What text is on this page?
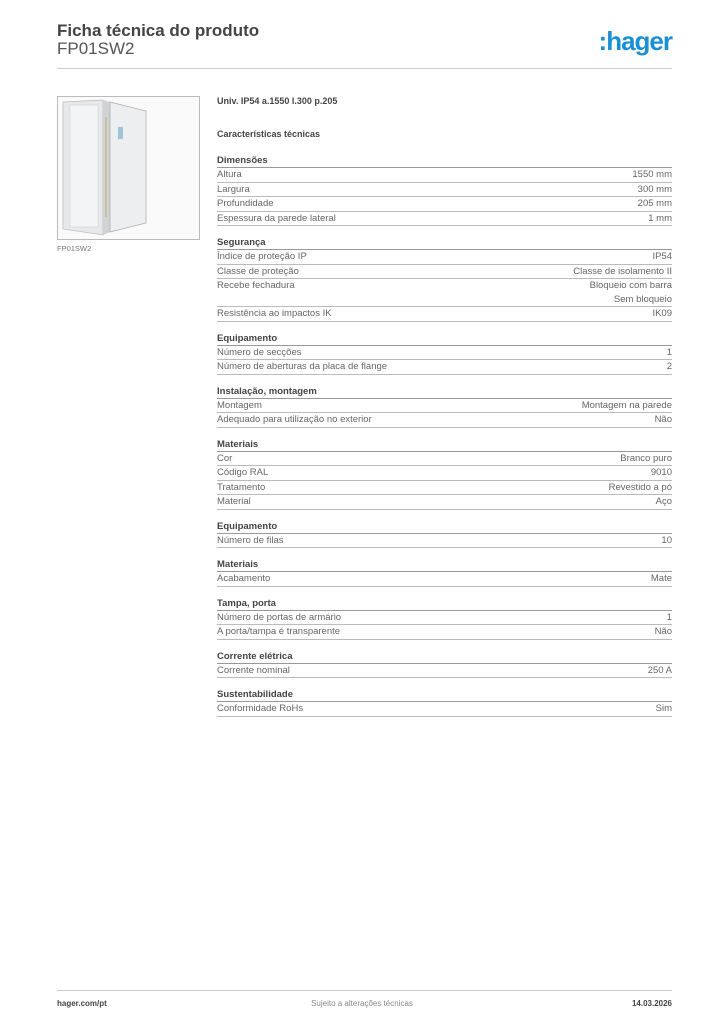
Ficha técnica do produto
FP01SW2	:hager
FP01SW2
Univ. IP54 a.1550 l.300 p.205
Características técnicas
Dimensões
Altura	1550 mm
Largura	300 mm
Profundidade	205 mm
Espessura da parede lateral	1 mm
Segurança
Índice de proteção IP	IP54
Classe de proteção	Classe de isolamento II
Recebe fechadura	Bloqueio com barra
Sem bloqueio
Resistência ao impactos IK	IK09
Equipamento
Número de secções	1
Número de aberturas da placa de flange	2
Instalação, montagem
Montagem	Montagem na parede
Adequado para utilização no exterior	Não
Materiais
Cor	Branco puro
Código RAL	9010
Tratamento	Revestido a pó
Material	Aço
Equipamento
Número de filas	10
Materiais
Acabamento	Mate
Tampa, porta
Número de portas de armário	1
A porta/tampa é transparente	Não
Corrente elétrica
Corrente nominal	250 A
Sustentabilidade
Conformidade RoHs	Sim
hager.com/pt	Sujeito a alterações técnicas	14.03.2026
